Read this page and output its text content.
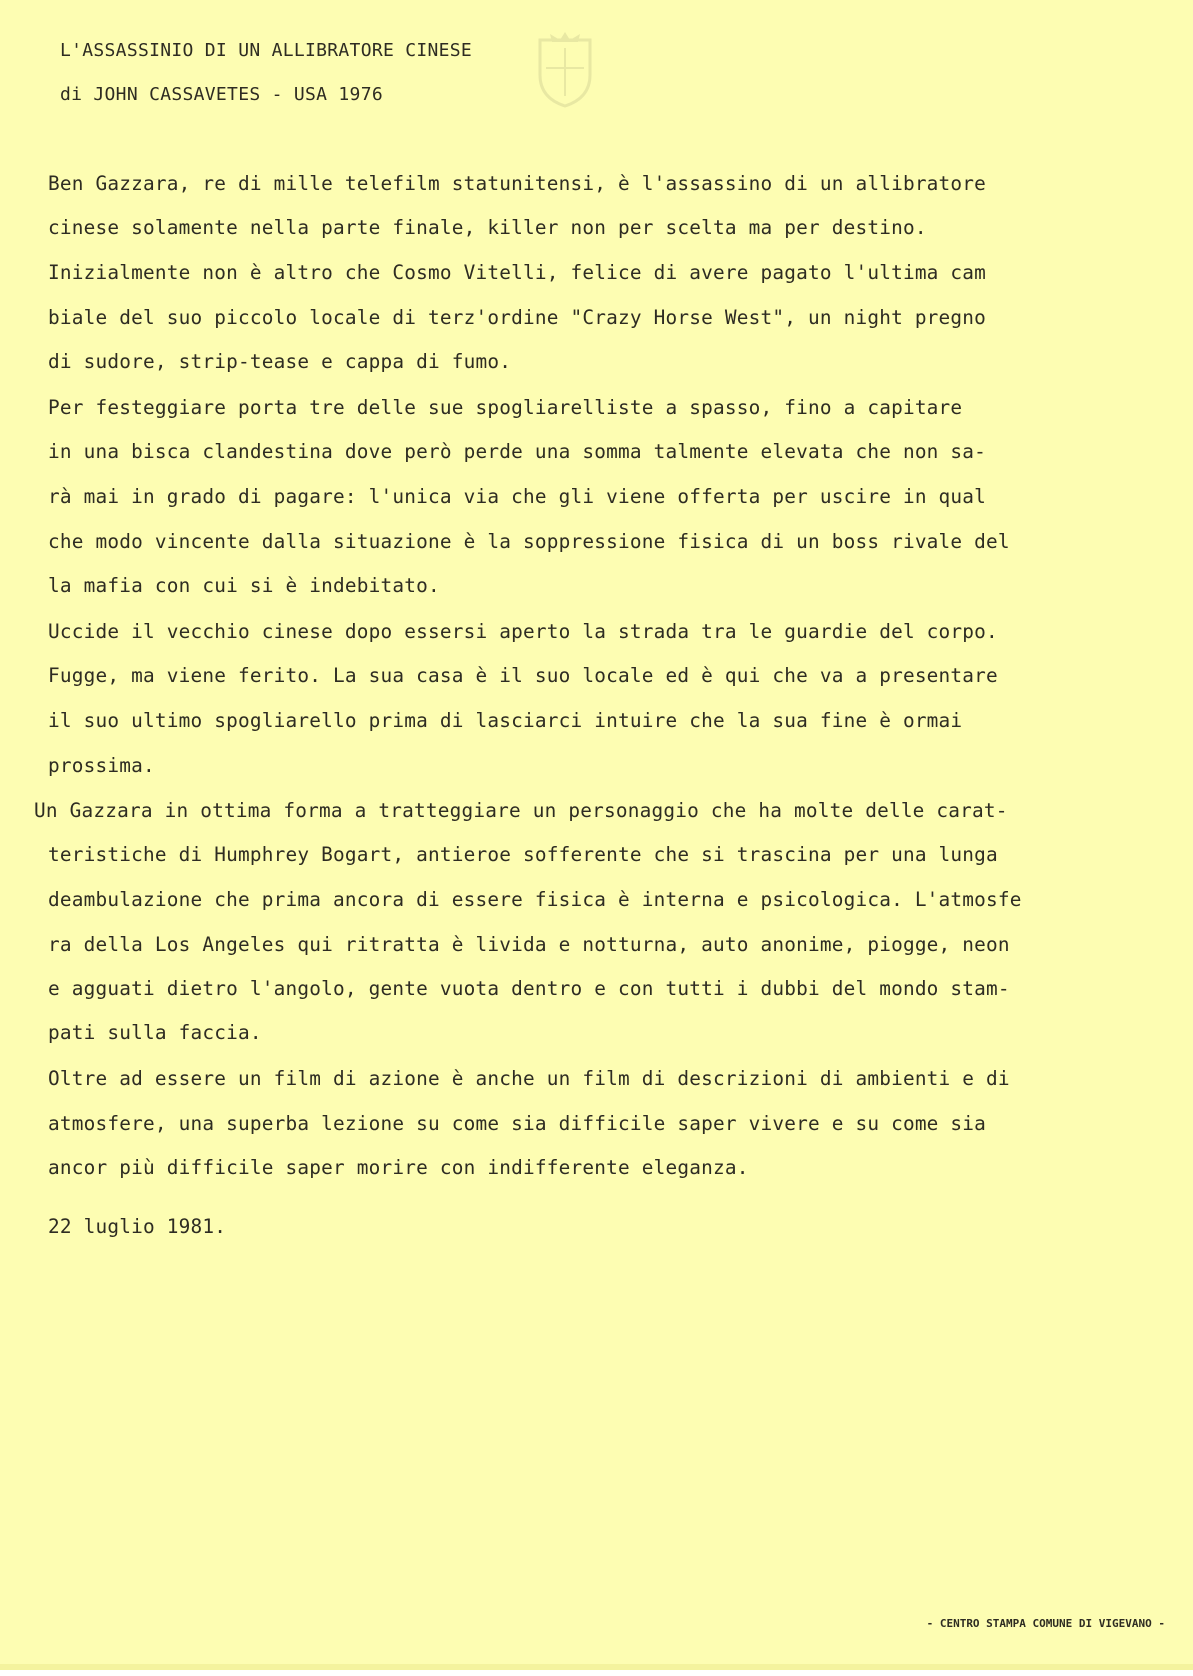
L'ASSASSINIO DI UN ALLIBRATORE CINESE
di JOHN CASSAVETES - USA 1976
Ben Gazzara, re di mille telefilm statunitensi, è l'assassino di un allibratore
cinese solamente nella parte finale, killer non per scelta ma per destino.
Inizialmente non è altro che Cosmo Vitelli, felice di avere pagato l'ultima cam
biale del suo piccolo locale di terz'ordine "Crazy Horse West", un night pregno
di sudore, strip-tease e cappa di fumo.
Per festeggiare porta tre delle sue spogliarelliste a spasso, fino a capitare
in una bisca clandestina dove però perde una somma talmente elevata che non sa-
rà mai in grado di pagare: l'unica via che gli viene offerta per uscire in qual
che modo vincente dalla situazione è la soppressione fisica di un boss rivale del
la mafia con cui si è indebitato.
Uccide il vecchio cinese dopo essersi aperto la strada tra le guardie del corpo.
Fugge, ma viene ferito. La sua casa è il suo locale ed è qui che va a presentare
il suo ultimo spogliarello prima di lasciarci intuire che la sua fine è ormai
prossima.
Un Gazzara in ottima forma a tratteggiare un personaggio che ha molte delle carat-
teristiche di Humphrey Bogart, antieroe sofferente che si trascina per una lunga
deambulazione che prima ancora di essere fisica è interna e psicologica. L'atmosfe
ra della Los Angeles qui ritratta è livida e notturna, auto anonime, piogge, neon
e agguati dietro l'angolo, gente vuota dentro e con tutti i dubbi del mondo stam-
pati sulla faccia.
Oltre ad essere un film di azione è anche un film di descrizioni di ambienti e di
atmosfere, una superba lezione su come sia difficile saper vivere e su come sia
ancor più difficile saper morire con indifferente eleganza.
22 luglio 1981.
- CENTRO STAMPA COMUNE DI VIGEVANO -
